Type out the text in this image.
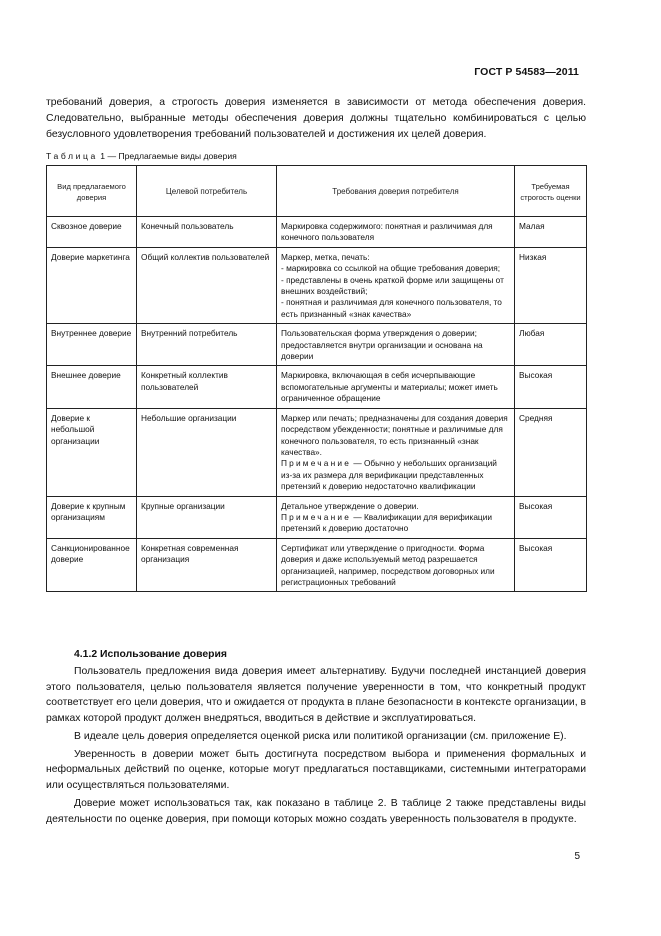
ГОСТ Р 54583—2011

требований доверия, а строгость доверия изменяется в зависимости от метода обеспечения доверия. Следовательно, выбранные методы обеспечения доверия должны тщательно комбинироваться с целью безусловного удовлетворения требований пользователей и достижения их целей доверия.

Таблица 1 — Предлагаемые виды доверия

Вид предлагаемого доверия	Целевой потребитель	Требования доверия потребителя	Требуемая строгость оценки
Сквозное доверие	Конечный пользователь	Маркировка содержимого: понятная и различимая для конечного пользователя	Малая
Доверие маркетинга	Общий коллектив пользователей	Маркер, метка, печать:
- маркировка со ссылкой на общие требования доверия;
- представлены в очень краткой форме или защищены от внешних воздействий;
- понятная и различимая для конечного пользователя, то есть признанный «знак качества»	Низкая
Внутреннее доверие	Внутренний потребитель	Пользовательская форма утверждения о доверии; предоставляется внутри организации и основана на доверии	Любая
Внешнее доверие	Конкретный коллектив пользователей	Маркировка, включающая в себя исчерпывающие вспомогательные аргументы и материалы; может иметь ограниченное обращение	Высокая
Доверие к небольшой организации	Небольшие организации	Маркер или печать; предназначены для создания доверия посредством убежденности; понятные и различимые для конечного пользователя, то есть признанный «знак качества».
Примечание — Обычно у небольших организаций из-за их размера для верификации представленных претензий к доверию недостаточно квалификации	Средняя
Доверие к крупным организациям	Крупные организации	Детальное утверждение о доверии.
Примечание — Квалификации для верификации претензий к доверию достаточно	Высокая
Санкционированное доверие	Конкретная современная организация	Сертификат или утверждение о пригодности. Форма доверия и даже используемый метод разрешается организацией, например, посредством договорных или регистрационных требований	Высокая

4.1.2 Использование доверия

Пользователь предложения вида доверия имеет альтернативу. Будучи последней инстанцией доверия этого пользователя, целью пользователя является получение уверенности в том, что конкретный продукт соответствует его цели доверия, что и ожидается от продукта в плане безопасности в контексте организации, в рамках которой продукт должен внедряться, вводиться в действие и эксплуатироваться.

В идеале цель доверия определяется оценкой риска или политикой организации (см. приложение Е).

Уверенность в доверии может быть достигнута посредством выбора и применения формальных и неформальных действий по оценке, которые могут предлагаться поставщиками, системными интеграторами или осуществляться пользователями.

Доверие может использоваться так, как показано в таблице 2. В таблице 2 также представлены виды деятельности по оценке доверия, при помощи которых можно создать уверенность пользователя в продукте.

5
